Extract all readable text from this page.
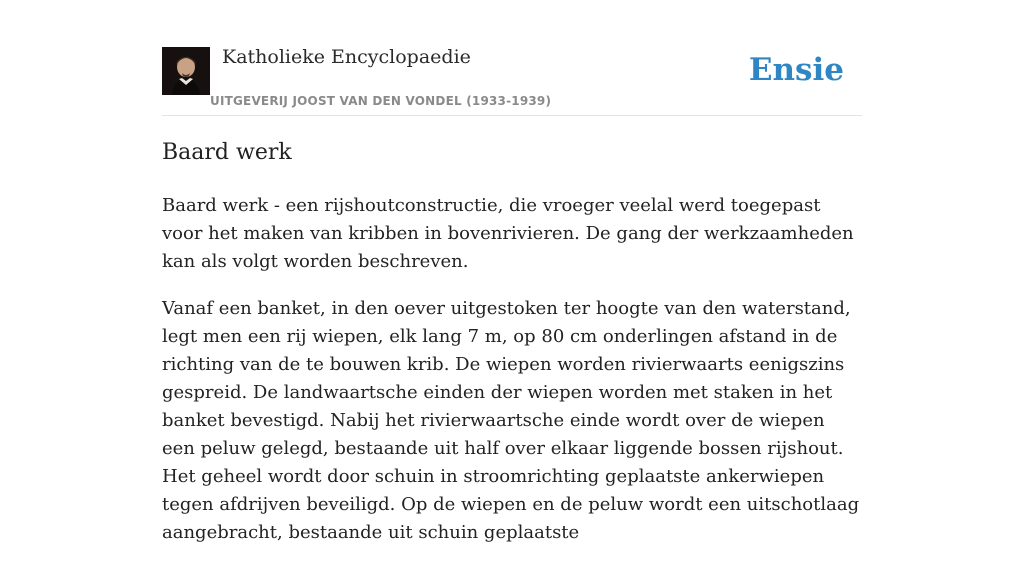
Katholieke Encyclopaedie
UITGEVERIJ JOOST VAN DEN VONDEL (1933-1939)
Ensie
Baard werk

Baard werk - een rijshoutconstructie, die vroeger veelal werd toegepast voor het maken van kribben in bovenrivieren. De gang der werkzaamheden kan als volgt worden beschreven.

Vanaf een banket, in den oever uitgestoken ter hoogte van den waterstand, legt men een rij wiepen, elk lang 7 m, op 80 cm onderlingen afstand in de richting van de te bouwen krib. De wiepen worden rivierwaarts eenigszins gespreid. De landwaartsche einden der wiepen worden met staken in het banket bevestigd. Nabij het rivierwaartsche einde wordt over de wiepen een peluw gelegd, bestaande uit half over elkaar liggende bossen rijshout. Het geheel wordt door schuin in stroomrichting geplaatste ankerwiepen tegen afdrijven beveiligd. Op de wiepen en de peluw wordt een uitschotlaag aangebracht, bestaande uit schuin geplaatste
